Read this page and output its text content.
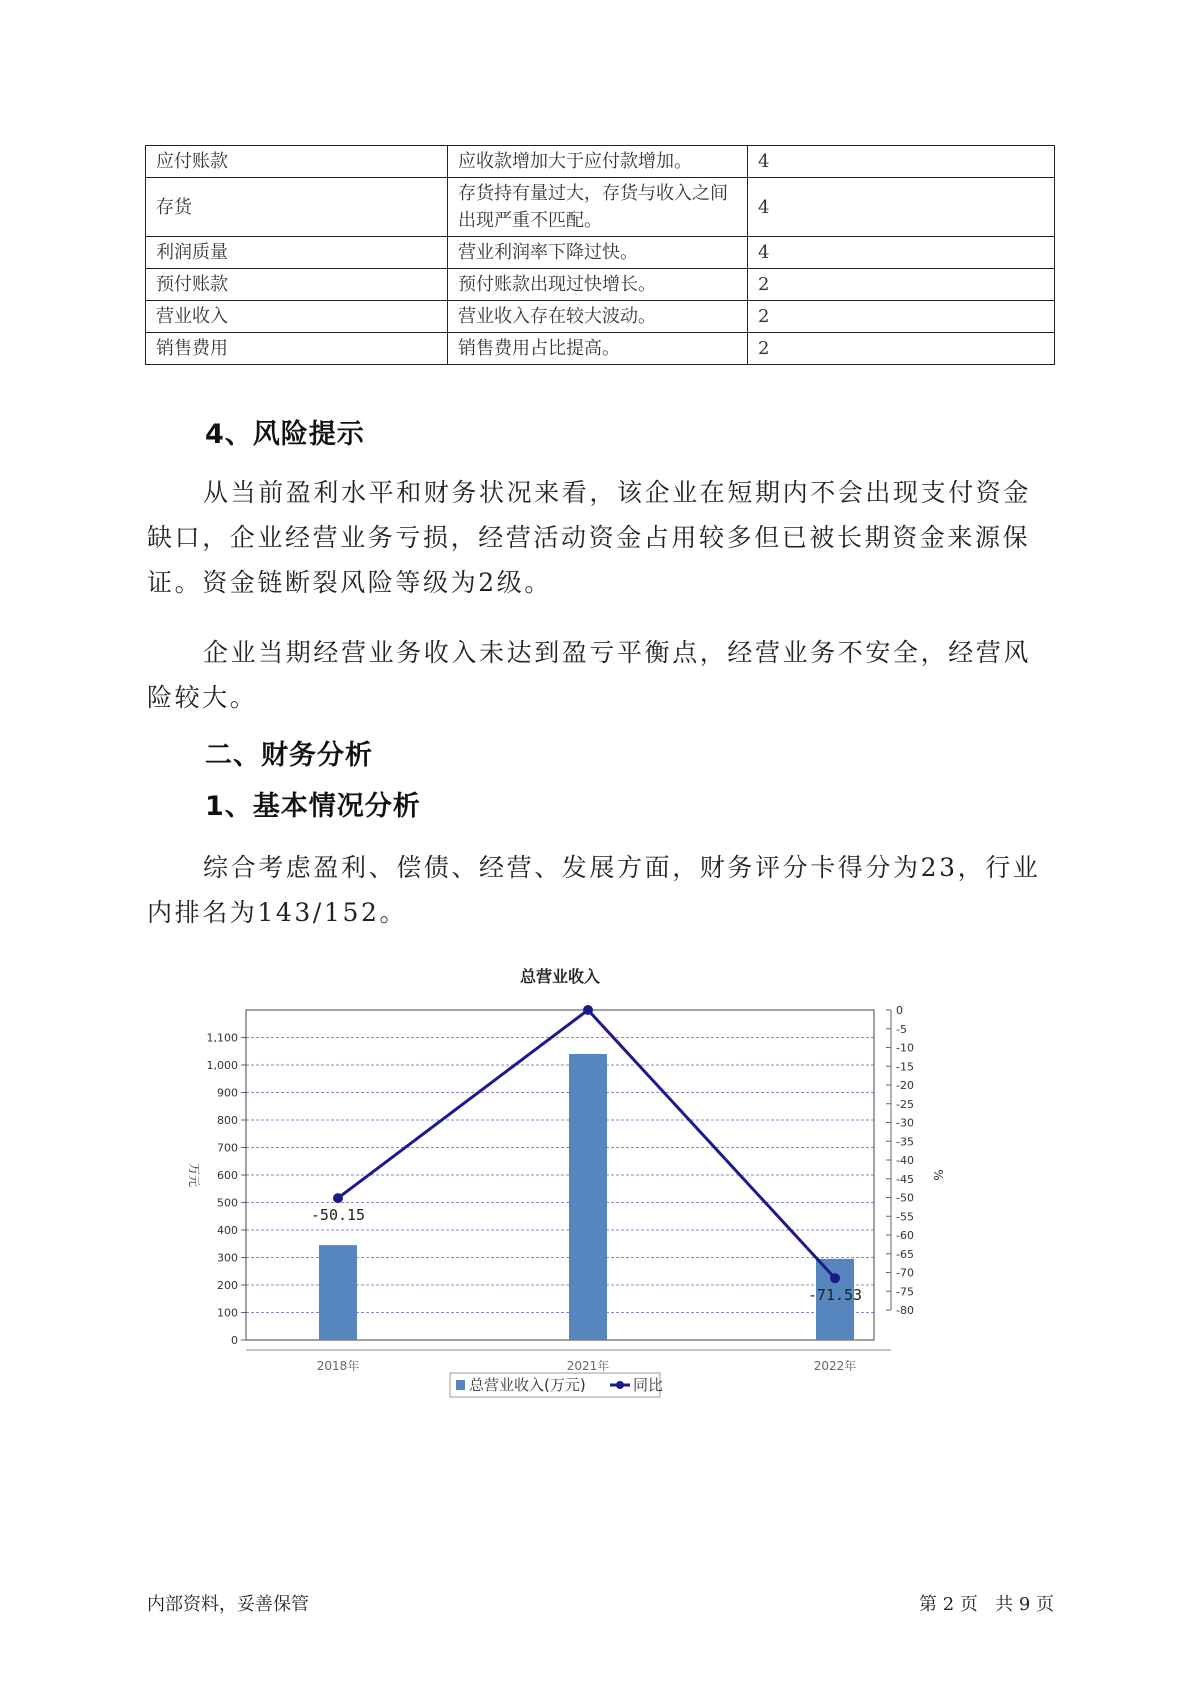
应付账款	应收款增加大于应付款增加。	4
存货	存货持有量过大，存货与收入之间出现严重不匹配。	4
利润质量	营业利润率下降过快。	4
预付账款	预付账款出现过快增长。	2
营业收入	营业收入存在较大波动。	2
销售费用	销售费用占比提高。	2
4、风险提示

从当前盈利水平和财务状况来看，该企业在短期内不会出现支付资金缺口，企业经营业务亏损，经营活动资金占用较多但已被长期资金来源保证。资金链断裂风险等级为2级。

企业当期经营业务收入未达到盈亏平衡点，经营业务不安全，经营风险较大。

二、财务分析
1、基本情况分析

综合考虑盈利、偿债、经营、发展方面，财务评分卡得分为23，行业内排名为143/152。

总营业收入
0
100
200
300
400
500
600
700
800
900
1,000
1,100
0
-5
-10
-15
-20
-25
-30
-35
-40
-45
-50
-55
-60
-65
-70
-75
-80
万元	%
2018年	2021年	2022年
-50.15
-71.53
总营业收入(万元)	同比
内部资料，妥善保管	第 2 页   共 9 页
